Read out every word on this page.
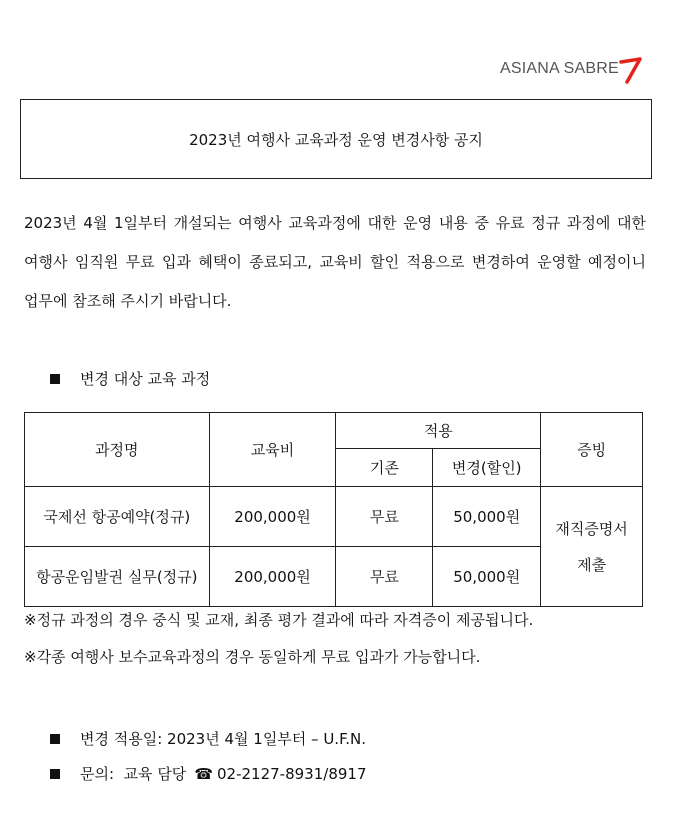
ASIANA SABRE
2023년 여행사 교육과정 운영 변경사항 공지
2023년 4월 1일부터 개설되는 여행사 교육과정에 대한 운영 내용 중 유료 정규 과정에 대한 여행사 임직원 무료 입과 혜택이 종료되고, 교육비 할인 적용으로 변경하여 운영할 예정이니 업무에 참조해 주시기 바랍니다.
변경 대상 교육 과정
과정명	교육비	적용		증빙
		기존	변경(할인)	
국제선 항공예약(정규)	200,000원	무료	50,000원	재직증명서
제출

항공운임발권 실무(정규)	200,000원	무료	50,000원	
※정규 과정의 경우 중식 및 교재, 최종 평가 결과에 따라 자격증이 제공됩니다.
※각종 여행사 보수교육과정의 경우 동일하게 무료 입과가 가능합니다.
변경 적용일: 2023년 4월 1일부터 – U.F.N.
문의:  교육 담당 ☎ 02-2127-8931/8917
